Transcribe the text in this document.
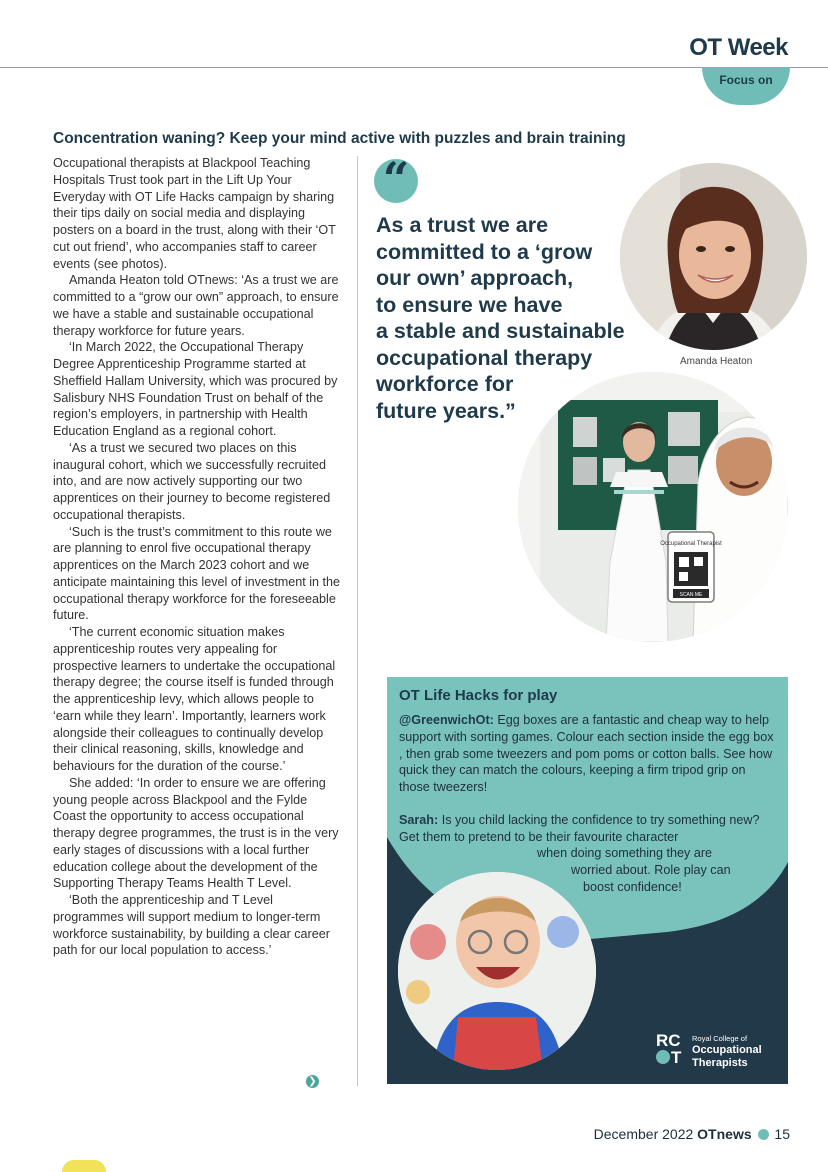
OT Week
Focus on
Concentration waning? Keep your mind active with puzzles and brain training

Occupational therapists at Blackpool Teaching Hospitals Trust took part in the Lift Up Your Everyday with OT Life Hacks campaign by sharing their tips daily on social media and displaying posters on a board in the trust, along with their ‘OT cut out friend’, who accompanies staff to career events (see photos).

Amanda Heaton told OTnews: ‘As a trust we are committed to a “grow our own” approach, to ensure we have a stable and sustainable occupational therapy workforce for future years.

‘In March 2022, the Occupational Therapy Degree Apprenticeship Programme started at Sheffield Hallam University, which was procured by Salisbury NHS Foundation Trust on behalf of the region’s employers, in partnership with Health Education England as a regional cohort.

‘As a trust we secured two places on this inaugural cohort, which we successfully recruited into, and are now actively supporting our two apprentices on their journey to become registered occupational therapists.

‘Such is the trust’s commitment to this route we are planning to enrol five occupational therapy apprentices on the March 2023 cohort and we anticipate maintaining this level of investment in the occupational therapy workforce for the foreseeable future.

‘The current economic situation makes apprenticeship routes very appealing for prospective learners to undertake the occupational therapy degree; the course itself is funded through the apprenticeship levy, which allows people to ‘earn while they learn’. Importantly, learners work alongside their colleagues to continually develop their clinical reasoning, skills, knowledge and behaviours for the duration of the course.’

She added: ‘In order to ensure we are offering young people across Blackpool and the Fylde Coast the opportunity to access occupational therapy degree programmes, the trust is in the very early stages of discussions with a local further education college about the development of the Supporting Therapy Teams Health T Level.

‘Both the apprenticeship and T Level programmes will support medium to longer-term workforce sustainability, by building a clear career path for our local population to access.’

❯
“
As a trust we are
committed to a ‘grow
our own’ approach,
to ensure we have
a stable and sustainable
occupational therapy
workforce for
future years.”
Amanda Heaton
Occupational Therapist
SCAN ME
OT Life Hacks for play

@GreenwichOt: Egg boxes are a fantastic and cheap way to help support with sorting games. Colour each section inside the egg box , then grab some tweezers and pom poms or cotton balls. See how quick they can match the colours, keeping a firm tripod grip on those tweezers!

Sarah: Is you child lacking the confidence to try something new? Get them to pretend to be their favourite character
when doing something they are
worried about. Role play can
boost confidence!

RC
T
Royal College of
Occupational
Therapists
December 2022 OTnews 15
